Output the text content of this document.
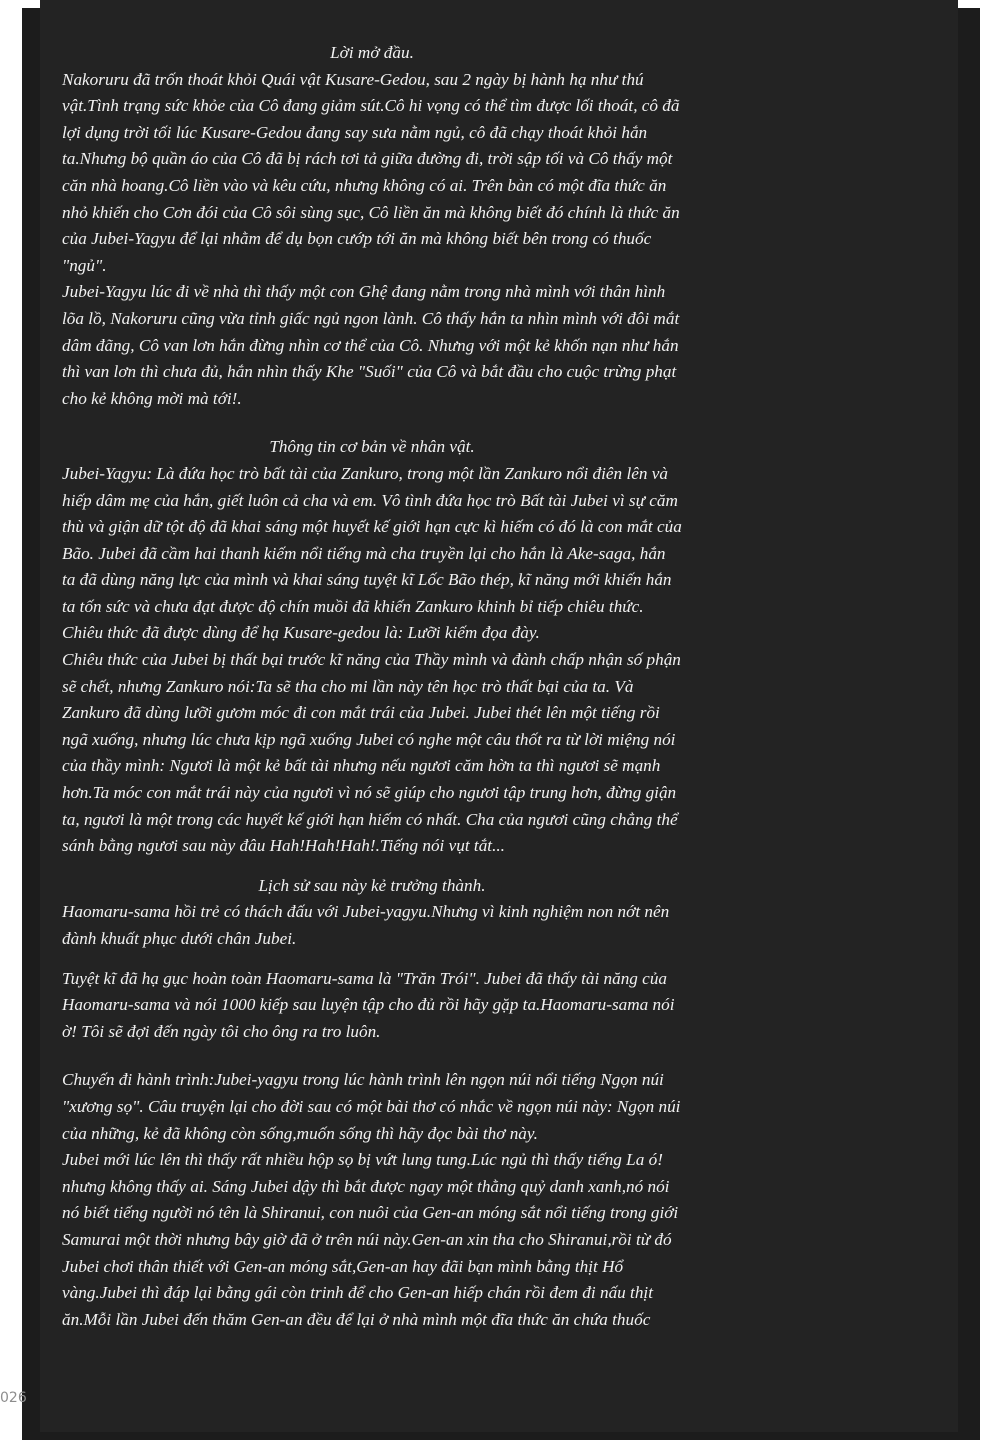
Lời mở đầu.

Nakoruru đã trốn thoát khỏi Quái vật Kusare-Gedou, sau 2 ngày bị hành hạ như thú vật.Tình trạng sức khỏe của Cô đang giảm sút.Cô hi vọng có thể tìm được lối thoát, cô đã lợi dụng trời tối lúc Kusare-Gedou đang say sưa nằm ngủ, cô đã chạy thoát khỏi hắn ta.Nhưng bộ quần áo của Cô đã bị rách tơi tả giữa đường đi, trời sập tối và Cô thấy một căn nhà hoang.Cô liền vào và kêu cứu, nhưng không có ai. Trên bàn có một đĩa thức ăn nhỏ khiến cho Cơn đói của Cô sôi sùng sục, Cô liền ăn mà không biết đó chính là thức ăn của Jubei-Yagyu để lại nhằm để dụ bọn cướp tới ăn mà không biết bên trong có thuốc "ngủ".

Jubei-Yagyu lúc đi về nhà thì thấy một con Ghệ đang nằm trong nhà mình với thân hình lõa lồ, Nakoruru cũng vừa tỉnh giấc ngủ ngon lành. Cô thấy hắn ta nhìn mình với đôi mắt dâm đãng, Cô van lơn hắn đừng nhìn cơ thể của Cô. Nhưng với một kẻ khốn nạn như hắn thì van lơn thì chưa đủ, hắn nhìn thấy Khe "Suối" của Cô và bắt đầu cho cuộc trừng phạt cho kẻ không mời mà tới!.

Thông tin cơ bản về nhân vật.

Jubei-Yagyu: Là đứa học trò bất tài của Zankuro, trong một lần Zankuro nổi điên lên và hiếp dâm mẹ của hắn, giết luôn cả cha và em. Vô tình đứa học trò Bất tài Jubei vì sự căm thù và giận dữ tột độ đã khai sáng một huyết kế giới hạn cực kì hiếm có đó là con mắt của Bão. Jubei đã cầm hai thanh kiếm nổi tiếng mà cha truyền lại cho hắn là Ake-saga, hắn ta đã dùng năng lực của mình và khai sáng tuyệt kĩ Lốc Bão thép, kĩ năng mới khiến hắn ta tốn sức và chưa đạt được độ chín muồi đã khiến Zankuro khinh bỉ tiếp chiêu thức.

Chiêu thức đã được dùng để hạ Kusare-gedou là: Lưỡi kiếm đọa đày.

Chiêu thức của Jubei bị thất bại trước kĩ năng của Thầy mình và đành chấp nhận số phận sẽ chết, nhưng Zankuro nói:Ta sẽ tha cho mi lần này tên học trò thất bại của ta. Và Zankuro đã dùng lưỡi gươm móc đi con mắt trái của Jubei. Jubei thét lên một tiếng rồi ngã xuống, nhưng lúc chưa kịp ngã xuống Jubei có nghe một câu thốt ra từ lời miệng nói của thầy mình: Ngươi là một kẻ bất tài nhưng nếu ngươi căm hờn ta thì ngươi sẽ mạnh hơn.Ta móc con mắt trái này của ngươi vì nó sẽ giúp cho ngươi tập trung hơn, đừng giận ta, ngươi là một trong các huyết kế giới hạn hiếm có nhất. Cha của ngươi cũng chẳng thể sánh bằng ngươi sau này đâu Hah!Hah!Hah!.Tiếng nói vụt tắt...

Lịch sử sau này kẻ trưởng thành.

Haomaru-sama hồi trẻ có thách đấu với Jubei-yagyu.Nhưng vì kinh nghiệm non nớt nên đành khuất phục dưới chân Jubei.

Tuyệt kĩ đã hạ gục hoàn toàn Haomaru-sama là "Trăn Trói". Jubei đã thấy tài năng của Haomaru-sama và nói 1000 kiếp sau luyện tập cho đủ rồi hãy gặp ta.Haomaru-sama nói ờ! Tôi sẽ đợi đến ngày tôi cho ông ra tro luôn.

Chuyến đi hành trình:Jubei-yagyu trong lúc hành trình lên ngọn núi nổi tiếng Ngọn núi "xương sọ". Câu truyện lại cho đời sau có một bài thơ có nhắc về ngọn núi này: Ngọn núi của những, kẻ đã không còn sống,muốn sống thì hãy đọc bài thơ này.

Jubei mới lúc lên thì thấy rất nhiều hộp sọ bị vứt lung tung.Lúc ngủ thì thấy tiếng La ó! nhưng không thấy ai. Sáng Jubei dậy thì bắt được ngay một thằng quỷ danh xanh,nó nói nó biết tiếng người nó tên là Shiranui, con nuôi của Gen-an móng sắt nổi tiếng trong giới Samurai một thời nhưng bây giờ đã ở trên núi này.Gen-an xin tha cho Shiranui,rồi từ đó Jubei chơi thân thiết với Gen-an móng sắt,Gen-an hay đãi bạn mình bằng thịt Hổ vàng.Jubei thì đáp lại bằng gái còn trinh để cho Gen-an hiếp chán rồi đem đi nấu thịt ăn.Mỗi lần Jubei đến thăm Gen-an đều để lại ở nhà mình một đĩa thức ăn chứa thuốc

026
